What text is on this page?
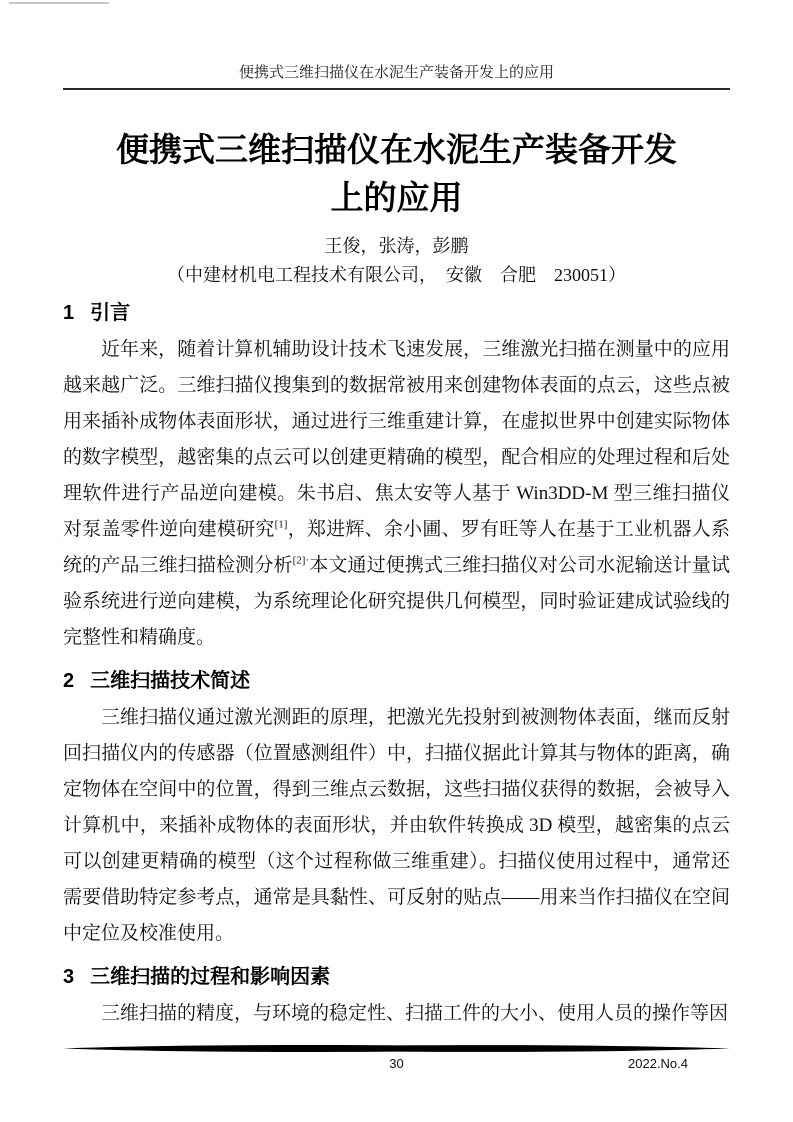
便携式三维扫描仪在水泥生产装备开发上的应用
便携式三维扫描仪在水泥生产装备开发
上的应用
王俊，张涛，彭鹏
（中建材机电工程技术有限公司，　安徽　合肥　230051）
1 引言

近年来，随着计算机辅助设计技术飞速发展，三维激光扫描在测量中的应用越来越广泛。三维扫描仪搜集到的数据常被用来创建物体表面的点云，这些点被用来插补成物体表面形状，通过进行三维重建计算，在虚拟世界中创建实际物体的数字模型，越密集的点云可以创建更精确的模型，配合相应的处理过程和后处理软件进行产品逆向建模。朱书启、焦太安等人基于 Win3DD-M 型三维扫描仪对泵盖零件逆向建模研究[1]，郑进辉、余小圃、罗有旺等人在基于工业机器人系统的产品三维扫描检测分析$^{[2]\cdot}$本文通过便携式三维扫描仪对公司水泥输送计量试验系统进行逆向建模，为系统理论化研究提供几何模型，同时验证建成试验线的完整性和精确度。

2 三维扫描技术简述

三维扫描仪通过激光测距的原理，把激光先投射到被测物体表面，继而反射回扫描仪内的传感器（位置感测组件）中，扫描仪据此计算其与物体的距离，确定物体在空间中的位置，得到三维点云数据，这些扫描仪获得的数据，会被导入计算机中，来插补成物体的表面形状，并由软件转换成 3D 模型，越密集的点云可以创建更精确的模型（这个过程称做三维重建）。扫描仪使用过程中，通常还需要借助特定参考点，通常是具黏性、可反射的贴点——用来当作扫描仪在空间中定位及校准使用。

3 三维扫描的过程和影响因素

三维扫描的精度，与环境的稳定性、扫描工件的大小、使用人员的操作等因

30	2022.No.4
